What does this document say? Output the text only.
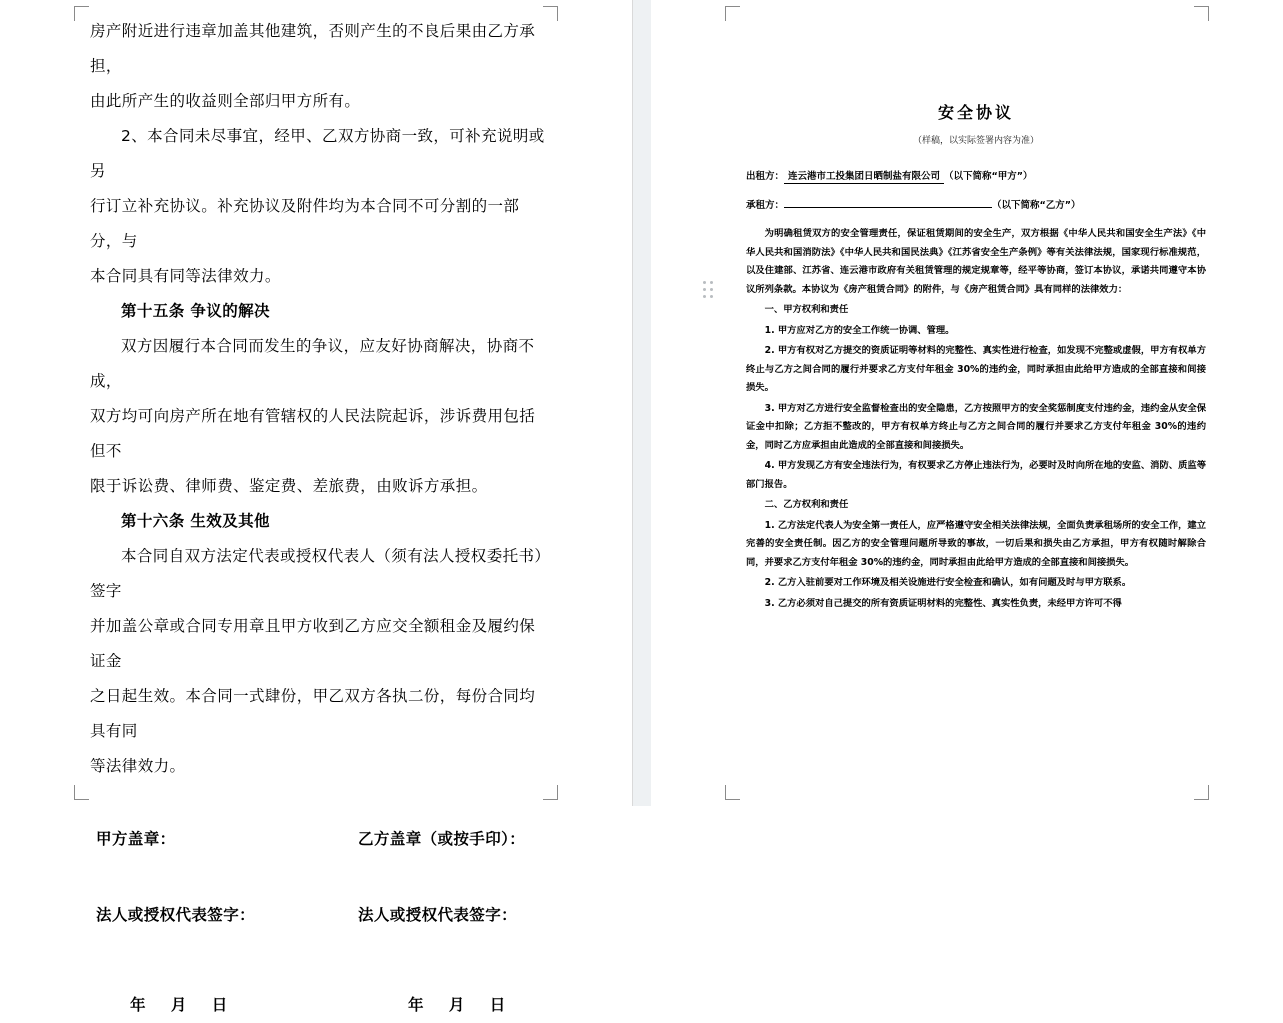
房产附近进行违章加盖其他建筑，否则产生的不良后果由乙方承担，

由此所产生的收益则全部归甲方所有。

2、本合同未尽事宜，经甲、乙双方协商一致，可补充说明或另

行订立补充协议。补充协议及附件均为本合同不可分割的一部分，与

本合同具有同等法律效力。

第十五条 争议的解决

双方因履行本合同而发生的争议，应友好协商解决，协商不成，

双方均可向房产所在地有管辖权的人民法院起诉，涉诉费用包括但不

限于诉讼费、律师费、鉴定费、差旅费，由败诉方承担。

第十六条 生效及其他

本合同自双方法定代表或授权代表人（须有法人授权委托书）签字

并加盖公章或合同专用章且甲方收到乙方应交全额租金及履约保证金

之日起生效。本合同一式肆份，甲乙双方各执二份，每份合同均具有同

等法律效力。

甲方盖章：	乙方盖章（或按手印）：
法人或授权代表签字：	法人或授权代表签字：
年 月 日	年 月 日

安全协议

（样稿，以实际签署内容为准）

出租方： 连云港市工投集团日晒制盐有限公司 （以下简称“甲方”）

承租方：	（以下简称“乙方”）

为明确租赁双方的安全管理责任，保证租赁期间的安全生产，双方根据《中华人民共和国安全生产法》《中华人民共和国消防法》《中华人民共和国民法典》《江苏省安全生产条例》等有关法律法规，国家现行标准规范，以及住建部、江苏省、连云港市政府有关租赁管理的规定规章等，经平等协商，签订本协议，承诺共同遵守本协议所列条款。本协议为《房产租赁合同》的附件，与《房产租赁合同》具有同样的法律效力：

一、甲方权利和责任

1. 甲方应对乙方的安全工作统一协调、管理。

2. 甲方有权对乙方提交的资质证明等材料的完整性、真实性进行检查，如发现不完整或虚假，甲方有权单方终止与乙方之间合同的履行并要求乙方支付年租金 30%的违约金，同时承担由此给甲方造成的全部直接和间接损失。

3. 甲方对乙方进行安全监督检查出的安全隐患，乙方按照甲方的安全奖惩制度支付违约金，违约金从安全保证金中扣除；乙方拒不整改的，甲方有权单方终止与乙方之间合同的履行并要求乙方支付年租金 30%的违约金，同时乙方应承担由此造成的全部直接和间接损失。

4. 甲方发现乙方有安全违法行为，有权要求乙方停止违法行为，必要时及时向所在地的安监、消防、质监等部门报告。

二、乙方权利和责任

1. 乙方法定代表人为安全第一责任人，应严格遵守安全相关法律法规，全面负责承租场所的安全工作，建立完善的安全责任制。因乙方的安全管理问题所导致的事故，一切后果和损失由乙方承担，甲方有权随时解除合同，并要求乙方支付年租金 30%的违约金，同时承担由此给甲方造成的全部直接和间接损失。

2. 乙方入驻前要对工作环境及相关设施进行安全检查和确认，如有问题及时与甲方联系。

3. 乙方必须对自己提交的所有资质证明材料的完整性、真实性负责，未经甲方许可不得
